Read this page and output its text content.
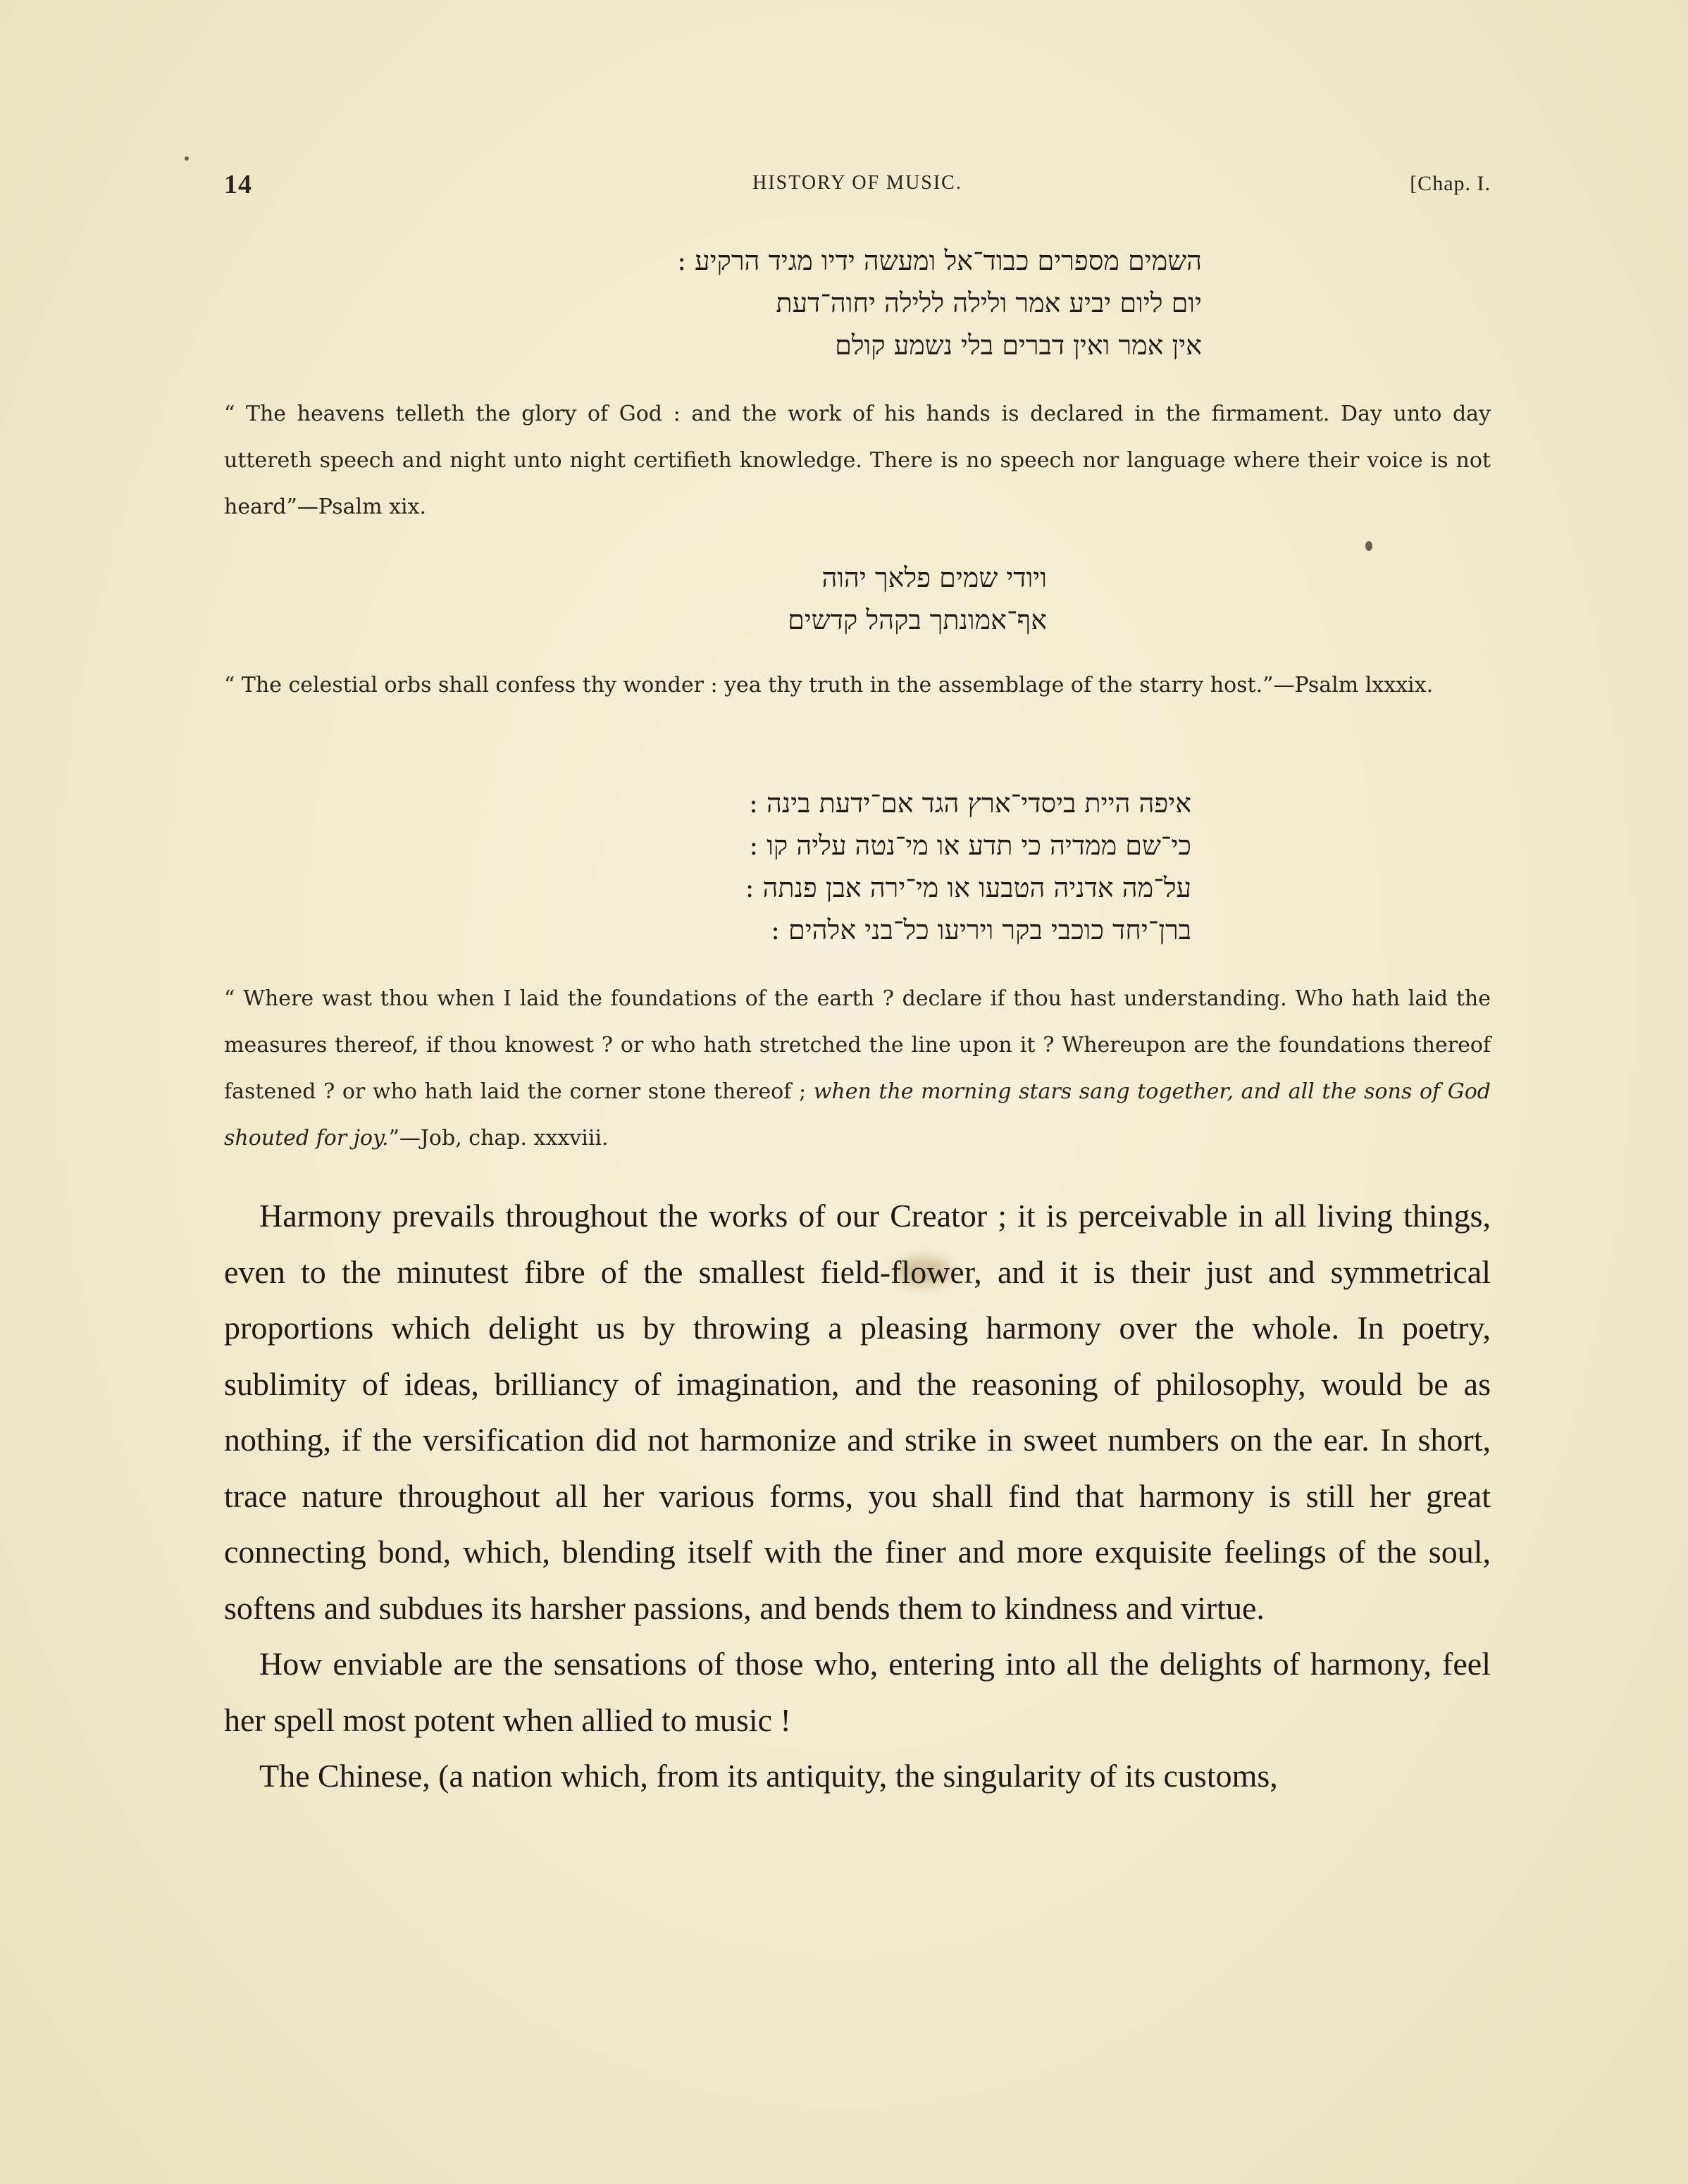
14	HISTORY OF MUSIC.	[Chap. I.
השמים מספרים כבוד־אל ומעשה ידיו מגיד הרקיע :
יום ליום יביע אמר ולילה ללילה יחוה־דעת
אין אמר ואין דברים בלי נשמע קולם
“ The heavens telleth the glory of God : and the work of his hands is declared in the firmament. Day unto day uttereth speech and night unto night certifieth knowledge. There is no speech nor language where their voice is not heard”—Psalm xix.
ויודי שמים פלאך יהוה
אף־אמונתך בקהל קדשים
“ The celestial orbs shall confess thy wonder : yea thy truth in the assemblage of the starry host.”—Psalm lxxxix.
איפה היית ביסדי־ארץ הגד אם־ידעת בינה :
כי־שם ממדיה כי תדע או מי־נטה עליה קו :
על־מה אדניה הטבעו או מי־ירה אבן פנתה :
ברן־יחד כוכבי בקר ויריעו כל־בני אלהים :
“ Where wast thou when I laid the foundations of the earth ? declare if thou hast understanding. Who hath laid the measures thereof, if thou knowest ? or who hath stretched the line upon it ? Whereupon are the foundations thereof fastened ? or who hath laid the corner stone thereof ; when the morning stars sang together, and all the sons of God shouted for joy.”—Job, chap. xxxviii.

Harmony prevails throughout the works of our Creator ; it is perceivable in all living things, even to the minutest fibre of the smallest field-flower, and it is their just and symmetrical proportions which delight us by throwing a pleasing harmony over the whole. In poetry, sublimity of ideas, brilliancy of imagination, and the reasoning of philosophy, would be as nothing, if the versification did not harmonize and strike in sweet numbers on the ear. In short, trace nature throughout all her various forms, you shall find that harmony is still her great connecting bond, which, blending itself with the finer and more exquisite feelings of the soul, softens and subdues its harsher passions, and bends them to kindness and virtue.

How enviable are the sensations of those who, entering into all the delights of harmony, feel her spell most potent when allied to music !

The Chinese, (a nation which, from its antiquity, the singularity of its customs,
